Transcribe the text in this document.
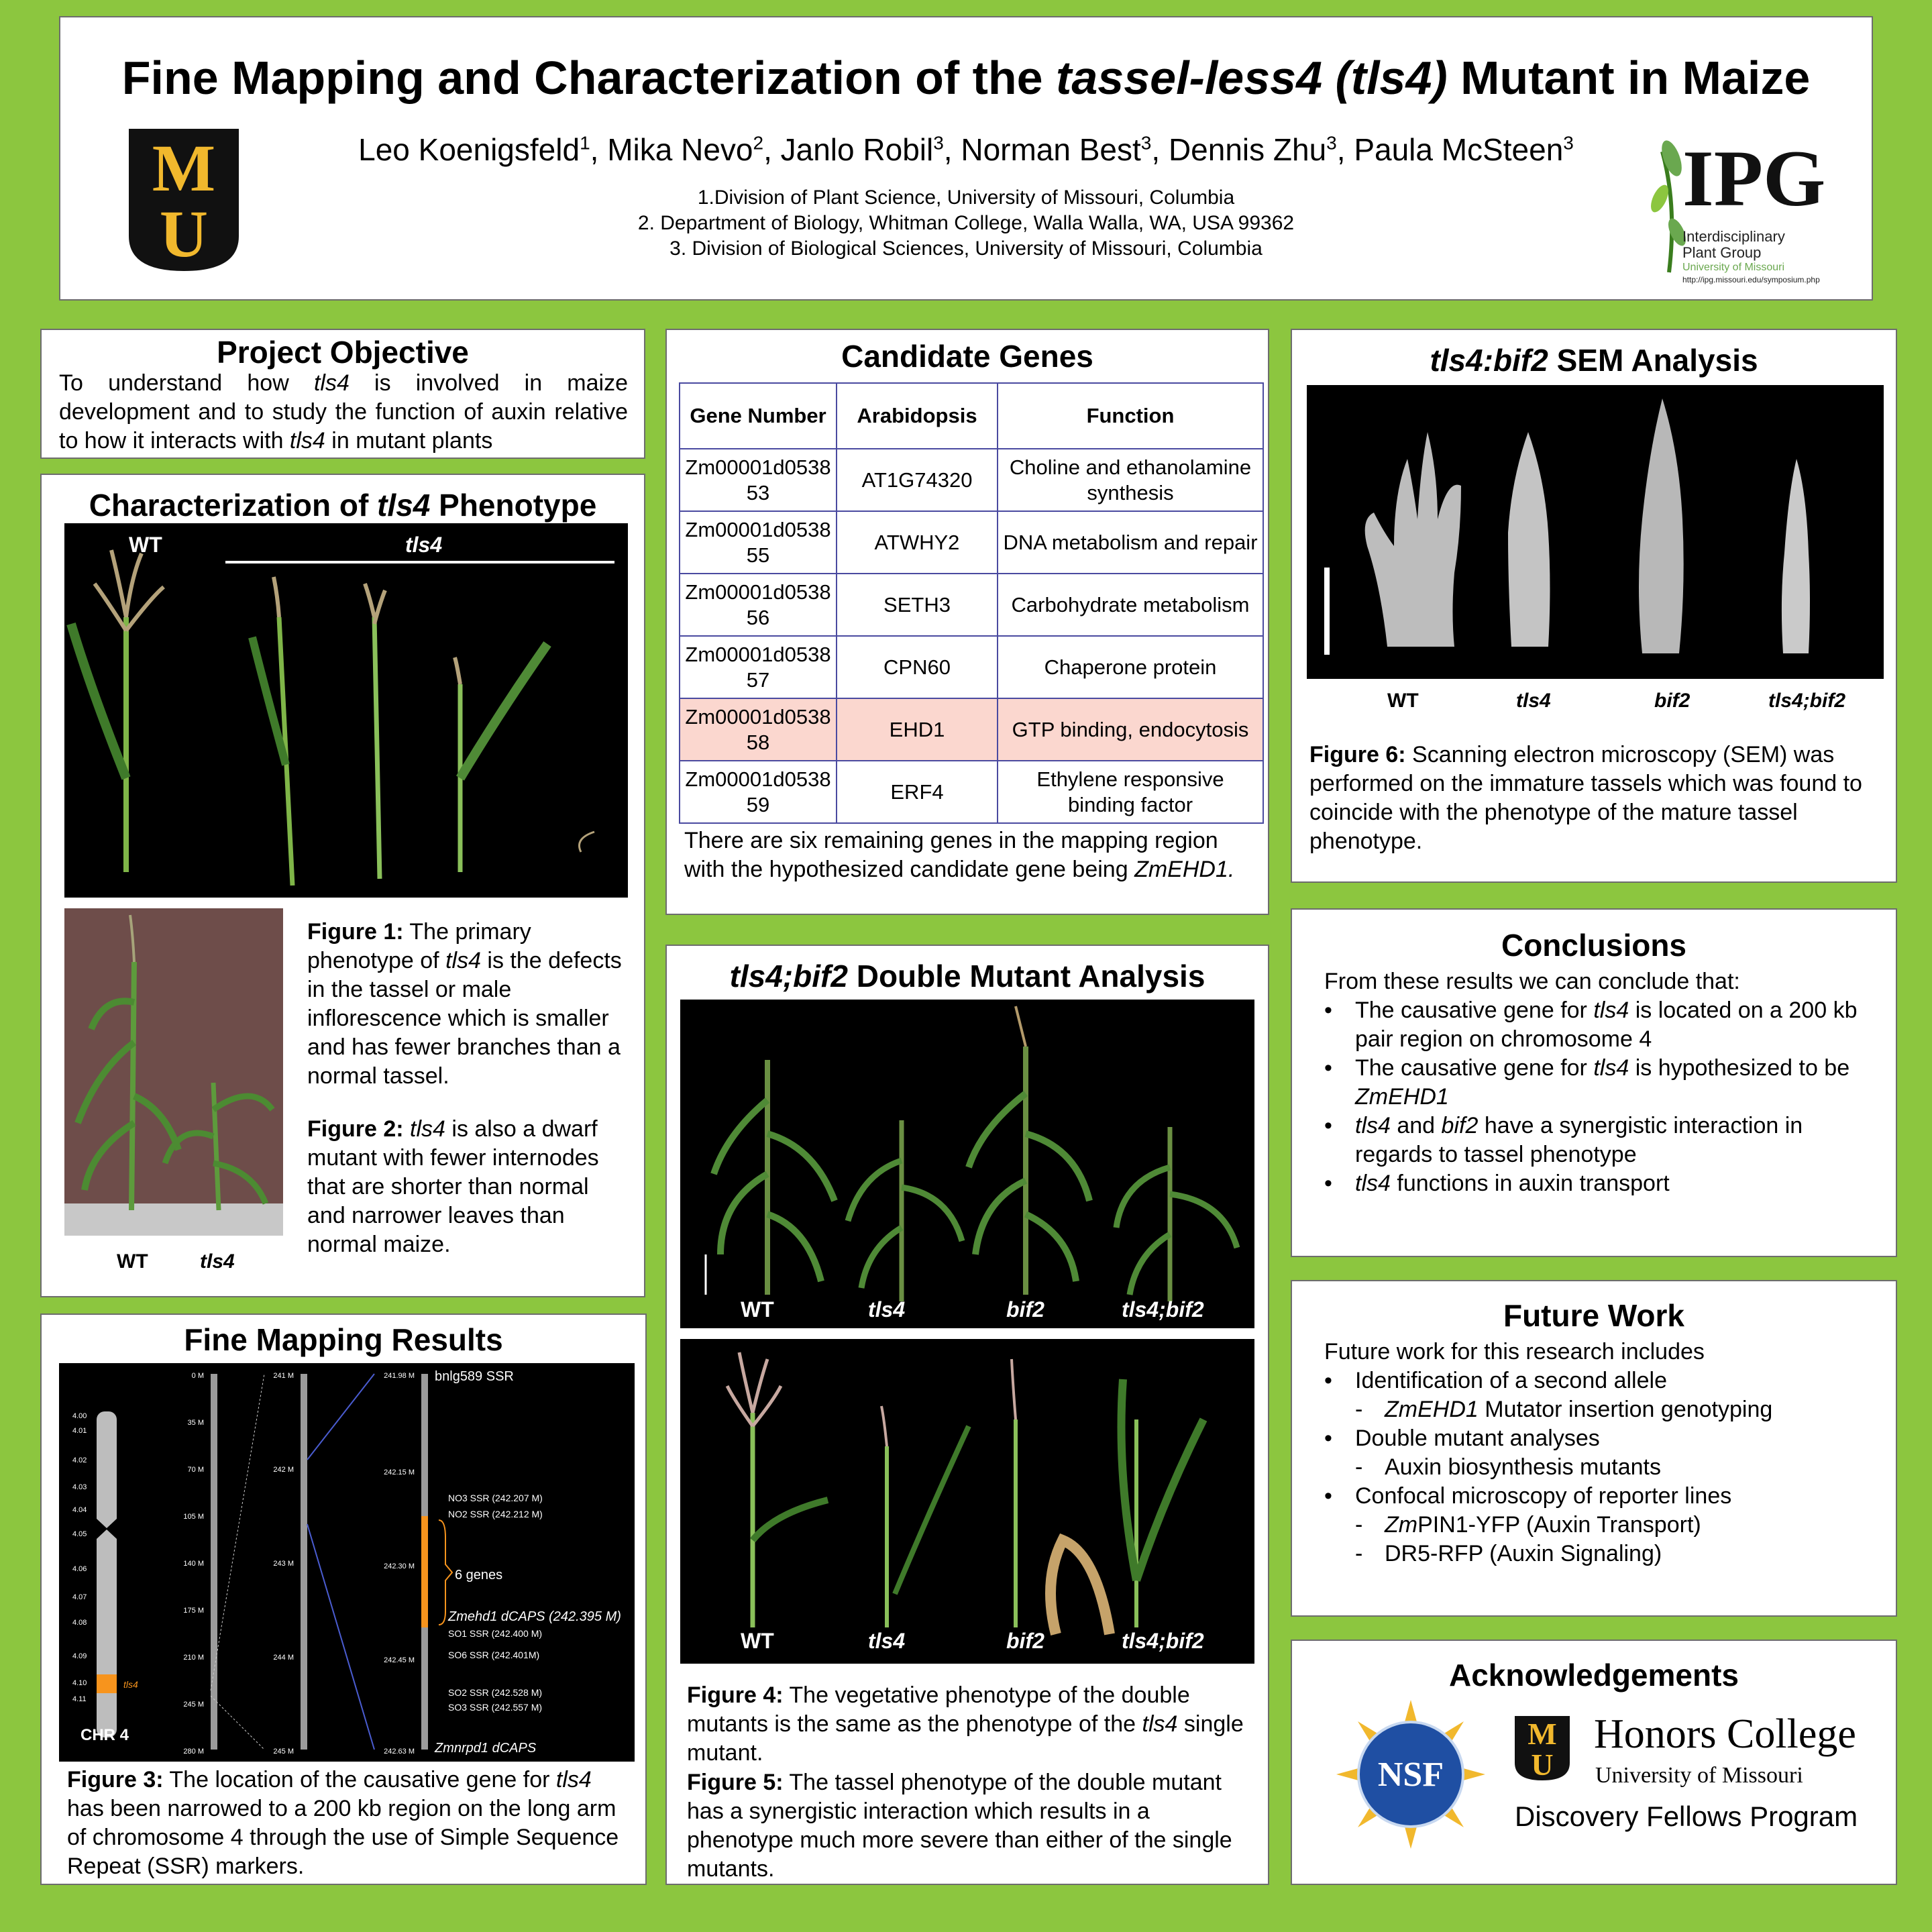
Fine Mapping and Characterization of the tassel-less4 (tls4) Mutant in Maize
Leo Koenigsfeld$^1$, Mika Nevo$^2$, Janlo Robil$^3$, Norman Best$^3$, Dennis Zhu$^3$, Paula McSteen$^3$
1.Division of Plant Science, University of Missouri, Columbia
2. Department of Biology, Whitman College, Walla Walla, WA, USA 99362
3. Division of Biological Sciences, University of Missouri, Columbia
M
U
IPG
Interdisciplinary
Plant Group
University of Missouri
http://ipg.missouri.edu/symposium.php
Project Objective
To understand how tls4 is involved in maize development and to study the function of auxin relative to how it interacts with tls4 in mutant plants
Characterization of tls4 Phenotype
WT	tls4
WT	tls4
Figure 1: The primary phenotype of tls4 is the defects in the tassel or male inflorescence which is smaller and has fewer branches than a normal tassel.
Figure 2: tls4 is also a dwarf mutant with fewer internodes that are shorter than normal and narrower leaves than normal maize.
Fine Mapping Results
4.00
4.01
4.02
4.03
4.04
4.05
4.06
4.07
4.08
4.09
4.10
4.11
tls4
CHR 4
0 M
35 M
70 M
105 M
140 M
175 M
210 M
245 M
280 M
241 M
242 M
243 M
244 M
245 M
241.98 M
242.15 M
242.30 M
242.45 M
242.63 M
bnlg589 SSR
NO3 SSR (242.207 M)
NO2 SSR (242.212 M)
6 genes
Zmehd1 dCAPS (242.395 M)
SO1 SSR (242.400 M)
SO6 SSR (242.401M)
SO2 SSR (242.528 M)
SO3 SSR (242.557 M)
Zmnrpd1 dCAPS
Figure 3: The location of the causative gene for tls4 has been narrowed to a 200 kb region on the long arm of chromosome 4 through the use of Simple Sequence Repeat (SSR) markers.
Candidate Genes
Gene Number	Arabidopsis	Function
Zm00001d053853	AT1G74320	Choline and ethanolamine synthesis
Zm00001d053855	ATWHY2	DNA metabolism and repair
Zm00001d053856	SETH3	Carbohydrate metabolism
Zm00001d053857	CPN60	Chaperone protein
Zm00001d053858	EHD1	GTP binding, endocytosis
Zm00001d053859	ERF4	Ethylene responsive binding factor
There are six remaining genes in the mapping region with the hypothesized candidate gene being ZmEHD1.
tls4;bif2 Double Mutant Analysis
WT	tls4	bif2	tls4;bif2
WT	tls4	bif2	tls4;bif2
Figure 4: The vegetative phenotype of the double mutants is the same as the phenotype of the tls4 single mutant.
Figure 5: The tassel phenotype of the double mutant has a synergistic interaction which results in a phenotype much more severe than either of the single mutants.
tls4:bif2 SEM Analysis
WT	tls4	bif2	tls4;bif2
Figure 6: Scanning electron microscopy (SEM) was performed on the immature tassels which was found to coincide with the phenotype of the mature tassel phenotype.
Conclusions
From these results we can conclude that:
• The causative gene for tls4 is located on a 200 kb pair region on chromosome 4
• The causative gene for tls4 is hypothesized to be ZmEHD1
• tls4 and bif2 have a synergistic interaction in regards to tassel phenotype
• tls4 functions in auxin transport
Future Work
Future work for this research includes
• Identification of a second allele
- ZmEHD1 Mutator insertion genotyping
• Double mutant analyses
- Auxin biosynthesis mutants
• Confocal microscopy of reporter lines
- ZmPIN1-YFP (Auxin Transport)
- DR5-RFP (Auxin Signaling)
Acknowledgements
NSF
M
U
Honors College
University of Missouri
Discovery Fellows Program
